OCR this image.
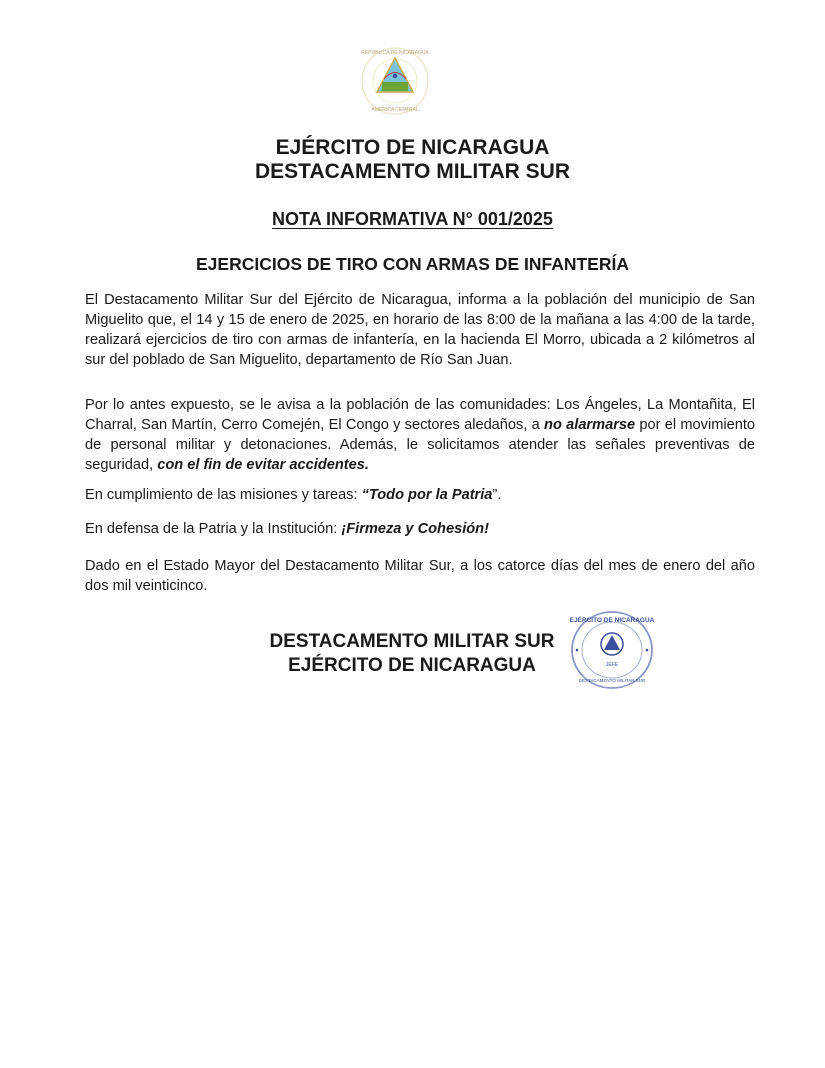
REPÚBLICA DE NICARAGUA
AMÉRICA CENTRAL
EJÉRCITO DE NICARAGUA
DESTACAMENTO MILITAR SUR
NOTA INFORMATIVA N° 001/2025
EJERCICIOS DE TIRO CON ARMAS DE INFANTERÍA

El Destacamento Militar Sur del Ejército de Nicaragua, informa a la población del municipio de San Miguelito que, el 14 y 15 de enero de 2025, en horario de las 8:00 de la mañana a las 4:00 de la tarde, realizará ejercicios de tiro con armas de infantería, en la hacienda El Morro, ubicada a 2 kilómetros al sur del poblado de San Miguelito, departamento de Río San Juan.

Por lo antes expuesto, se le avisa a la población de las comunidades: Los Ángeles, La Montañita, El Charral, San Martín, Cerro Comején, El Congo y sectores aledaños, a no alarmarse por el movimiento de personal militar y detonaciones. Además, le solicitamos atender las señales preventivas de seguridad, con el fin de evitar accidentes.

En cumplimiento de las misiones y tareas: “Todo por la Patria”.

En defensa de la Patria y la Institución: ¡Firmeza y Cohesión!

Dado en el Estado Mayor del Destacamento Militar Sur, a los catorce días del mes de enero del año dos mil veinticinco.

DESTACAMENTO MILITAR SUR
EJÉRCITO DE NICARAGUA
EJÉRCITO DE NICARAGUA
JEFE
DESTACAMENTO MILITAR SUR
